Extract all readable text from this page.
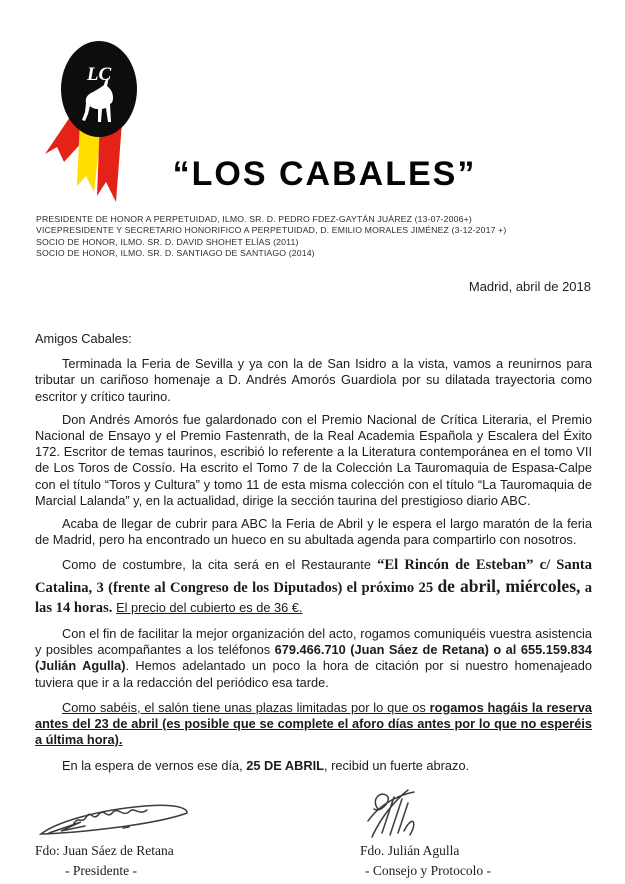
LC
“LOS CABALES”
PRESIDENTE DE HONOR A PERPETUIDAD, ILMO. SR. D. PEDRO FDEZ-GAYTÁN JUÁREZ (13-07-2006+)
VICEPRESIDENTE Y SECRETARIO HONORIFICO A PERPETUIDAD, D. EMILIO MORALES JIMÉNEZ (3-12-2017 +)
SOCIO DE HONOR, ILMO. SR. D. DAVID SHOHET ELÍAS (2011)
SOCIO DE HONOR, ILMO. SR. D. SANTIAGO DE SANTIAGO (2014)
Madrid, abril de 2018

Amigos Cabales:

Terminada la Feria de Sevilla y ya con la de San Isidro a la vista, vamos a reunirnos para tributar un cariñoso homenaje a D. Andrés Amorós Guardiola por su dilatada trayectoria como escritor y crítico taurino.

Don Andrés Amorós fue galardonado con el Premio Nacional de Crítica Literaria, el Premio Nacional de Ensayo y el Premio Fastenrath, de la Real Academia Española y Escalera del Éxito 172. Escritor de temas taurinos, escribió lo referente a la Literatura contemporánea en el tomo VII de Los Toros de Cossío. Ha escrito el Tomo 7 de la Colección La Tauromaquia de Espasa-Calpe con el título “Toros y Cultura” y tomo 11 de esta misma colección con el título “La Tauromaquia de Marcial Lalanda” y, en la actualidad, dirige la sección taurina del prestigioso diario ABC.

Acaba de llegar de cubrir para ABC la Feria de Abril y le espera el largo maratón de la feria de Madrid, pero ha encontrado un hueco en su abultada agenda para compartirlo con nosotros.

Como de costumbre, la cita será en el Restaurante “El Rincón de Esteban” c/ Santa Catalina, 3 (frente al Congreso de los Diputados) el próximo 25 de abril, miércoles, a las 14 horas. El precio del cubierto es de 36 €.

Con el fin de facilitar la mejor organización del acto, rogamos comuniquéis vuestra asistencia y posibles acompañantes a los teléfonos 679.466.710 (Juan Sáez de Retana) o al 655.159.834 (Julián Agulla). Hemos adelantado un poco la hora de citación por si nuestro homenajeado tuviera que ir a la redacción del periódico esa tarde.

Como sabéis, el salón tiene unas plazas limitadas por lo que os rogamos hagáis la reserva antes del 23 de abril (es posible que se complete el aforo días antes por lo que no esperéis a última hora).

En la espera de vernos ese día, 25 DE ABRIL, recibid un fuerte abrazo.

Fdo: Juan Sáez de Retana
- Presidente -
Fdo. Julián Agulla
- Consejo y Protocolo -
